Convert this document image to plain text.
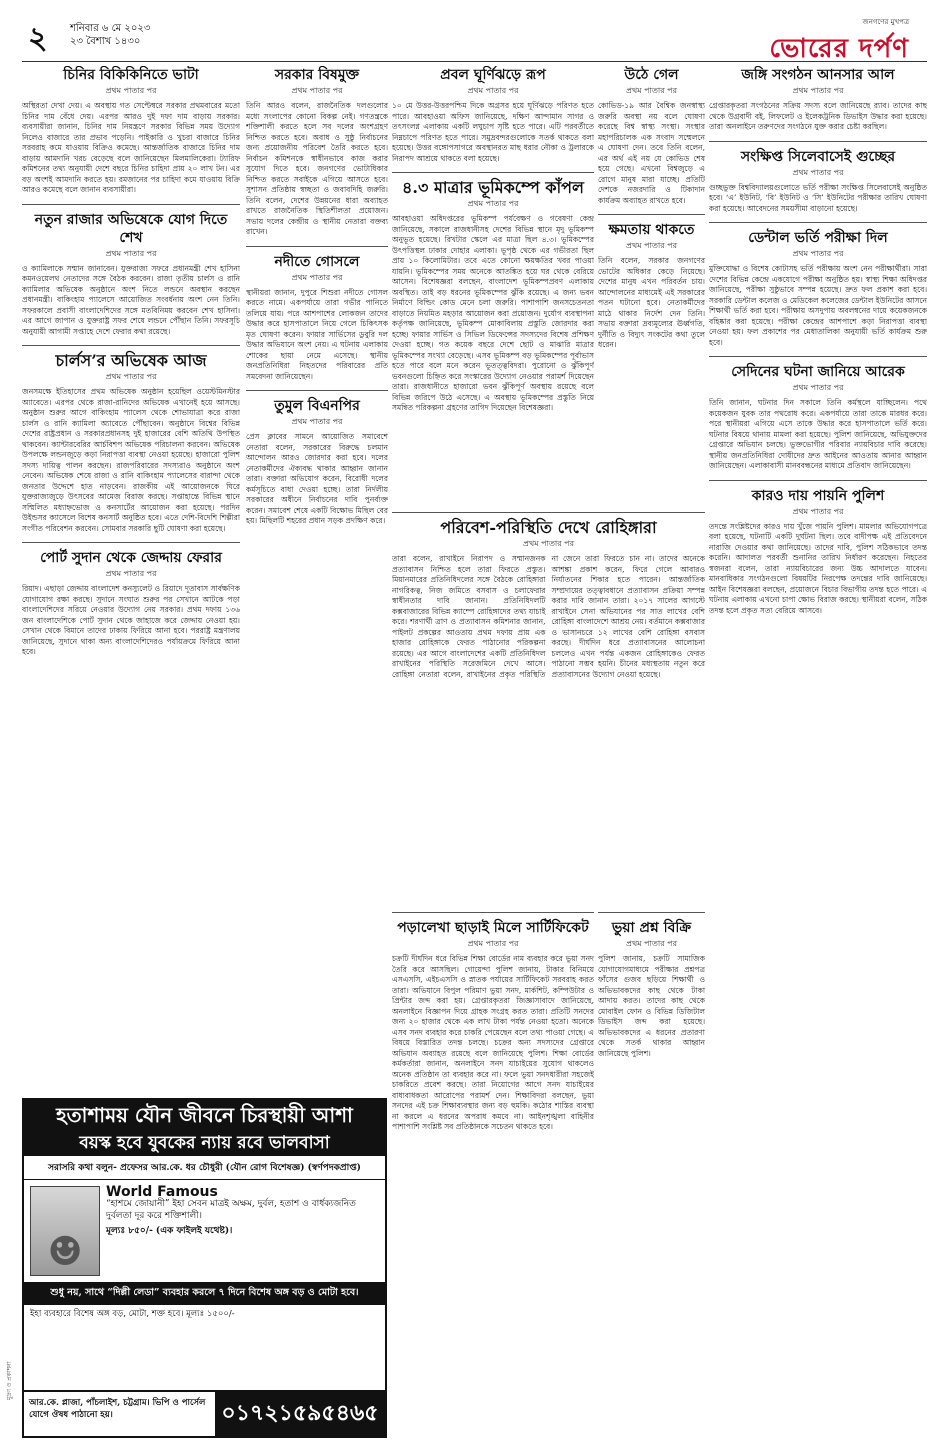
২ শনিবার ৬ মে ২০২৩
২৩ বৈশাখ ১৪৩০
জনগণের মুখপত্র
ভোরের দর্পণ
চিনির বিকিকিনিতে ভাটা
প্রথম পাতার পর
অস্থিরতা দেখা দেয়। এ অবস্থায় গত সেপ্টেম্বরে সরকার প্রথমবারের মতো চিনির দাম বেঁধে দেয়। এরপর আরও দুই দফা দাম বাড়ায় সরকার। ব্যবসায়ীরা জানান, চিনির দাম নিয়ন্ত্রণে সরকার বিভিন্ন সময় উদ্যোগ নিলেও বাজারে তার প্রভাব পড়েনি। পাইকারি ও খুচরা বাজারে চিনির সরবরাহ কমে যাওয়ায় বিক্রিও কমেছে। আন্তর্জাতিক বাজারে চিনির দাম বাড়ায় আমদানি খরচ বেড়েছে বলে জানিয়েছেন মিলমালিকেরা। ট্যারিফ কমিশনের তথ্য অনুযায়ী দেশে বছরে চিনির চাহিদা প্রায় ২০ লাখ টন। এর বড় অংশই আমদানি করতে হয়। রমজানের পর চাহিদা কমে যাওয়ায় বিক্রি আরও কমেছে বলে জানান ব্যবসায়ীরা।
নতুন রাজার অভিষেকে যোগ দিতে শেখ
প্রথম পাতার পর
ও ক্যামিলাকে সম্মান জানাবেন। যুক্তরাজ্য সফরে প্রধানমন্ত্রী শেখ হাসিনা কমনওয়েলথ নেতাদের সঙ্গে বৈঠক করবেন। রাজা তৃতীয় চার্লস ও রানি ক্যামিলার অভিষেক অনুষ্ঠানে অংশ নিতে লন্ডনে অবস্থান করছেন প্রধানমন্ত্রী। বাকিংহাম প্যালেসে আয়োজিত সংবর্ধনায় অংশ নেন তিনি। সফরকালে প্রবাসী বাংলাদেশিদের সঙ্গে মতবিনিময় করবেন শেখ হাসিনা। এর আগে জাপান ও যুক্তরাষ্ট্র সফর শেষে লন্ডনে পৌঁছান তিনি। সফরসূচি অনুযায়ী আগামী সপ্তাহে দেশে ফেরার কথা রয়েছে।
চার্লস’র অভিষেক আজ
প্রথম পাতার পর
জনসমক্ষে ইতিহাসের প্রথম অভিষেক অনুষ্ঠান হয়েছিল ওয়েস্টমিনস্টার অ্যাবেতে। এরপর থেকে রাজা-রানিদের অভিষেক এখানেই হয়ে আসছে। অনুষ্ঠান শুরুর আগে বাকিংহাম প্যালেস থেকে শোভাযাত্রা করে রাজা চার্লস ও রানি ক্যামিলা অ্যাবেতে পৌঁছাবেন। অনুষ্ঠানে বিশ্বের বিভিন্ন দেশের রাষ্ট্রপ্রধান ও সরকারপ্রধানসহ দুই হাজারের বেশি অতিথি উপস্থিত থাকবেন। ক্যান্টারবেরির আর্চবিশপ অভিষেক পরিচালনা করবেন। অভিষেক উপলক্ষে লন্ডনজুড়ে কড়া নিরাপত্তা ব্যবস্থা নেওয়া হয়েছে। হাজারো পুলিশ সদস্য দায়িত্ব পালন করছেন। রাজপরিবারের সদস্যরাও অনুষ্ঠানে অংশ নেবেন। অভিষেক শেষে রাজা ও রানি বাকিংহাম প্যালেসের বারান্দা থেকে জনতার উদ্দেশে হাত নাড়বেন। রাজকীয় এই আয়োজনকে ঘিরে যুক্তরাজ্যজুড়ে উৎসবের আমেজ বিরাজ করছে। সপ্তাহান্তে বিভিন্ন স্থানে সম্মিলিত মধ্যাহ্নভোজ ও কনসার্টের আয়োজন করা হয়েছে। পরদিন উইন্ডসর ক্যাসেলে বিশেষ কনসার্ট অনুষ্ঠিত হবে। এতে দেশি-বিদেশি শিল্পীরা সংগীত পরিবেশন করবেন। সোমবার সরকারি ছুটি ঘোষণা করা হয়েছে।
পোর্ট সুদান থেকে জেদ্দায় ফেরার
প্রথম পাতার পর
রিয়াদ। এছাড়া জেদ্দায় বাংলাদেশ কনস্যুলেট ও রিয়াদে দূতাবাস সার্বক্ষণিক যোগাযোগ রক্ষা করছে। সুদানে সংঘাত শুরুর পর সেখানে আটকে পড়া বাংলাদেশিদের সরিয়ে নেওয়ার উদ্যোগ নেয় সরকার। প্রথম দফায় ১৩৬ জন বাংলাদেশিকে পোর্ট সুদান থেকে জাহাজে করে জেদ্দায় নেওয়া হয়। সেখান থেকে বিমানে তাদের ঢাকায় ফিরিয়ে আনা হবে। পররাষ্ট্র মন্ত্রণালয় জানিয়েছে, সুদানে থাকা অন্য বাংলাদেশিদেরও পর্যায়ক্রমে ফিরিয়ে আনা হবে।
সরকার বিষমুক্ত
প্রথম পাতার পর
তিনি আরও বলেন, রাজনৈতিক দলগুলোর মধ্যে সংলাপের কোনো বিকল্প নেই। গণতন্ত্রকে শক্তিশালী করতে হলে সব দলের অংশগ্রহণ নিশ্চিত করতে হবে। অবাধ ও সুষ্ঠু নির্বাচনের জন্য প্রয়োজনীয় পরিবেশ তৈরি করতে হবে। নির্বাচন কমিশনকে স্বাধীনভাবে কাজ করার সুযোগ দিতে হবে। জনগণের ভোটাধিকার নিশ্চিত করতে সবাইকে এগিয়ে আসতে হবে। সুশাসন প্রতিষ্ঠায় স্বচ্ছতা ও জবাবদিহি জরুরি। তিনি বলেন, দেশের উন্নয়নের ধারা অব্যাহত রাখতে রাজনৈতিক স্থিতিশীলতা প্রয়োজন। সভায় দলের কেন্দ্রীয় ও স্থানীয় নেতারা বক্তব্য রাখেন।
নদীতে গোসলে
প্রথম পাতার পর
স্থানীয়রা জানান, দুপুরে শিশুরা নদীতে গোসল করতে নামে। একপর্যায়ে তারা গভীর পানিতে তলিয়ে যায়। পরে আশপাশের লোকজন তাদের উদ্ধার করে হাসপাতালে নিয়ে গেলে চিকিৎসক মৃত ঘোষণা করেন। ফায়ার সার্ভিসের ডুবুরি দল উদ্ধার অভিযানে অংশ নেয়। এ ঘটনায় এলাকায় শোকের ছায়া নেমে এসেছে। স্থানীয় জনপ্রতিনিধিরা নিহতদের পরিবারের প্রতি সমবেদনা জানিয়েছেন।
তুমুল বিএনপির
প্রথম পাতার পর
প্রেস ক্লাবের সামনে আয়োজিত সমাবেশে নেতারা বলেন, সরকারের বিরুদ্ধে চলমান আন্দোলন আরও জোরদার করা হবে। দলের নেতাকর্মীদের ঐক্যবদ্ধ থাকার আহ্বান জানান তারা। বক্তারা অভিযোগ করেন, বিরোধী দলের কর্মসূচিতে বাধা দেওয়া হচ্ছে। তারা নির্দলীয় সরকারের অধীনে নির্বাচনের দাবি পুনর্ব্যক্ত করেন। সমাবেশ শেষে একটি বিক্ষোভ মিছিল বের হয়। মিছিলটি শহরের প্রধান সড়ক প্রদক্ষিণ করে।
প্রবল ঘূর্ণিঝড়ে রূপ
প্রথম পাতার পর
১০ মে উত্তর-উত্তরপশ্চিম দিকে অগ্রসর হয়ে ঘূর্ণিঝড়ে পরিণত হতে পারে। আবহাওয়া অফিস জানিয়েছে, দক্ষিণ আন্দামান সাগর ও তৎসংলগ্ন এলাকায় একটি লঘুচাপ সৃষ্টি হতে পারে। এটি পরবর্তীতে নিম্নচাপে পরিণত হতে পারে। সমুদ্রবন্দরগুলোকে সতর্ক থাকতে বলা হয়েছে। উত্তর বঙ্গোপসাগরে অবস্থানরত মাছ ধরার নৌকা ও ট্রলারকে নিরাপদ আশ্রয়ে থাকতে বলা হয়েছে।
৪.৩ মাত্রার ভূমিকম্পে কাঁপল
প্রথম পাতার পর
আবহাওয়া অধিদপ্তরের ভূমিকম্প পর্যবেক্ষণ ও গবেষণা কেন্দ্র জানিয়েছে, সকালে রাজধানীসহ দেশের বিভিন্ন স্থানে মৃদু ভূমিকম্প অনুভূত হয়েছে। রিখটার স্কেলে এর মাত্রা ছিল ৪.৩। ভূমিকম্পের উৎপত্তিস্থল ঢাকার দোহার এলাকা। ভূপৃষ্ঠ থেকে এর গভীরতা ছিল প্রায় ১০ কিলোমিটার। তবে এতে কোনো ক্ষয়ক্ষতির খবর পাওয়া যায়নি। ভূমিকম্পের সময় অনেকে আতঙ্কিত হয়ে ঘর থেকে বেরিয়ে আসেন। বিশেষজ্ঞরা বলছেন, বাংলাদেশ ভূমিকম্পপ্রবণ এলাকায় অবস্থিত। তাই বড় ধরনের ভূমিকম্পের ঝুঁকি রয়েছে। এ জন্য ভবন নির্মাণে বিল্ডিং কোড মেনে চলা জরুরি। পাশাপাশি জনসচেতনতা বাড়াতে নিয়মিত মহড়ার আয়োজন করা প্রয়োজন। দুর্যোগ ব্যবস্থাপনা কর্তৃপক্ষ জানিয়েছে, ভূমিকম্প মোকাবিলায় প্রস্তুতি জোরদার করা হচ্ছে। ফায়ার সার্ভিস ও সিভিল ডিফেন্সের সদস্যদের বিশেষ প্রশিক্ষণ দেওয়া হচ্ছে। গত কয়েক বছরে দেশে ছোট ও মাঝারি মাত্রার ভূমিকম্পের সংখ্যা বেড়েছে। এসব ভূমিকম্প বড় ভূমিকম্পের পূর্বাভাস হতে পারে বলে মনে করেন ভূতত্ত্ববিদরা। পুরোনো ও ঝুঁকিপূর্ণ ভবনগুলো চিহ্নিত করে সংস্কারের উদ্যোগ নেওয়ার পরামর্শ দিয়েছেন তারা। রাজধানীতে হাজারো ভবন ঝুঁকিপূর্ণ অবস্থায় রয়েছে বলে বিভিন্ন জরিপে উঠে এসেছে। এ অবস্থায় ভূমিকম্পের প্রস্তুতি নিয়ে সমন্বিত পরিকল্পনা গ্রহণের তাগিদ দিয়েছেন বিশেষজ্ঞরা।
পরিবেশ-পরিস্থিতি দেখে রোহিঙ্গারা
প্রথম পাতার পর
তারা বলেন, রাখাইনে নিরাপদ ও সম্মানজনক প্রত্যাবাসন নিশ্চিত হলে তারা ফিরতে প্রস্তুত। মিয়ানমারের প্রতিনিধিদলের সঙ্গে বৈঠকে রোহিঙ্গারা নাগরিকত্ব, নিজ জমিতে বসবাস ও চলাফেরার স্বাধীনতার দাবি জানান। প্রতিনিধিদলটি কক্সবাজারের বিভিন্ন ক্যাম্পে রোহিঙ্গাদের তথ্য যাচাই করে। শরণার্থী ত্রাণ ও প্রত্যাবাসন কমিশনার জানান, পাইলট প্রকল্পের আওতায় প্রথম দফায় প্রায় এক হাজার রোহিঙ্গাকে ফেরত পাঠানোর পরিকল্পনা রয়েছে। এর আগে বাংলাদেশের একটি প্রতিনিধিদল রাখাইনের পরিস্থিতি সরেজমিনে দেখে আসে। রোহিঙ্গা নেতারা বলেন, রাখাইনের প্রকৃত পরিস্থিতি না জেনে তারা ফিরতে চান না। তাদের অনেকে আশঙ্কা প্রকাশ করেন, ফিরে গেলে আবারও নির্যাতনের শিকার হতে পারেন। আন্তর্জাতিক সম্প্রদায়ের তত্ত্বাবধানে প্রত্যাবাসন প্রক্রিয়া সম্পন্ন করার দাবি জানান তারা। ২০১৭ সালের আগস্টে রাখাইনে সেনা অভিযানের পর সাত লাখের বেশি রোহিঙ্গা বাংলাদেশে আশ্রয় নেয়। বর্তমানে কক্সবাজার ও ভাসানচরে ১২ লাখের বেশি রোহিঙ্গা বসবাস করছে। দীর্ঘদিন ধরে প্রত্যাবাসনের আলোচনা চললেও এখন পর্যন্ত একজন রোহিঙ্গাকেও ফেরত পাঠানো সম্ভব হয়নি। চীনের মধ্যস্থতায় নতুন করে প্রত্যাবাসনের উদ্যোগ নেওয়া হয়েছে।
পড়ালেখা ছাড়াই মিলে সার্টিফিকেট
প্রথম পাতার পর
চক্রটি দীর্ঘদিন ধরে বিভিন্ন শিক্ষা বোর্ডের নাম ব্যবহার করে ভুয়া সনদ তৈরি করে আসছিল। গোয়েন্দা পুলিশ জানায়, টাকার বিনিময়ে এসএসসি, এইচএসসি ও স্নাতক পর্যায়ের সার্টিফিকেট সরবরাহ করত তারা। অভিযানে বিপুল পরিমাণ ভুয়া সনদ, মার্কশিট, কম্পিউটার ও প্রিন্টার জব্দ করা হয়। গ্রেপ্তারকৃতরা জিজ্ঞাসাবাদে জানিয়েছে, অনলাইনে বিজ্ঞাপন দিয়ে গ্রাহক সংগ্রহ করত তারা। প্রতিটি সনদের জন্য ২০ হাজার থেকে এক লাখ টাকা পর্যন্ত নেওয়া হতো। অনেকে এসব সনদ ব্যবহার করে চাকরি পেয়েছেন বলে তথ্য পাওয়া গেছে। এ বিষয়ে বিস্তারিত তদন্ত চলছে। চক্রের অন্য সদস্যদের গ্রেপ্তারে অভিযান অব্যাহত রয়েছে বলে জানিয়েছে পুলিশ। শিক্ষা বোর্ডের কর্মকর্তারা জানান, অনলাইনে সনদ যাচাইয়ের সুযোগ থাকলেও অনেক প্রতিষ্ঠান তা ব্যবহার করে না। ফলে ভুয়া সনদধারীরা সহজেই চাকরিতে প্রবেশ করছে। তারা নিয়োগের আগে সনদ যাচাইয়ের বাধ্যবাধকতা আরোপের পরামর্শ দেন। শিক্ষাবিদরা বলছেন, ভুয়া সনদের এই চক্র শিক্ষাব্যবস্থার জন্য বড় হুমকি। কঠোর শাস্তির ব্যবস্থা না করলে এ ধরনের অপরাধ কমবে না। আইনশৃঙ্খলা বাহিনীর পাশাপাশি সংশ্লিষ্ট সব প্রতিষ্ঠানকে সচেতন থাকতে হবে।
উঠে গেল
প্রথম পাতার পর
কোভিড-১৯ আর বৈশ্বিক জনস্বাস্থ্য জরুরি অবস্থা নয় বলে ঘোষণা করেছে বিশ্ব স্বাস্থ্য সংস্থা। সংস্থার মহাপরিচালক এক সংবাদ সম্মেলনে এ ঘোষণা দেন। তবে তিনি বলেন, এর অর্থ এই নয় যে কোভিড শেষ হয়ে গেছে। এখনো বিশ্বজুড়ে এ রোগে মানুষ মারা যাচ্ছে। প্রতিটি দেশকে নজরদারি ও টিকাদান কার্যক্রম অব্যাহত রাখতে হবে।
ক্ষমতায় থাকতে
প্রথম পাতার পর
তিনি বলেন, সরকার জনগণের ভোটের অধিকার কেড়ে নিয়েছে। দেশের মানুষ এখন পরিবর্তন চায়। আন্দোলনের মাধ্যমেই এই সরকারের পতন ঘটানো হবে। নেতাকর্মীদের মাঠে থাকার নির্দেশ দেন তিনি। সভায় বক্তারা দ্রব্যমূল্যের ঊর্ধ্বগতি, দুর্নীতি ও বিদ্যুৎ সংকটের কথা তুলে ধরেন।
ভুয়া প্রশ্ন বিক্রি
প্রথম পাতার পর
পুলিশ জানায়, চক্রটি সামাজিক যোগাযোগমাধ্যমে পরীক্ষার প্রশ্নপত্র ফাঁসের গুজব ছড়িয়ে শিক্ষার্থী ও অভিভাবকদের কাছ থেকে টাকা আদায় করত। তাদের কাছ থেকে মোবাইল ফোন ও বিভিন্ন ডিজিটাল ডিভাইস জব্দ করা হয়েছে। অভিভাবকদের এ ধরনের প্রতারণা থেকে সতর্ক থাকার আহ্বান জানিয়েছে পুলিশ।
জঙ্গি সংগঠন আনসার আল
প্রথম পাতার পর
গ্রেপ্তারকৃতরা সংগঠনের সক্রিয় সদস্য বলে জানিয়েছে র‍্যাব। তাদের কাছ থেকে উগ্রবাদী বই, লিফলেট ও ইলেকট্রনিক ডিভাইস উদ্ধার করা হয়েছে। তারা অনলাইনে তরুণদের সংগঠনে যুক্ত করার চেষ্টা করছিল।
সংক্ষিপ্ত সিলেবাসেই গুচ্ছের
প্রথম পাতার পর
গুচ্ছভুক্ত বিশ্ববিদ্যালয়গুলোতে ভর্তি পরীক্ষা সংক্ষিপ্ত সিলেবাসেই অনুষ্ঠিত হবে। ‘এ’ ইউনিট, ‘বি’ ইউনিট ও ‘সি’ ইউনিটের পরীক্ষার তারিখ ঘোষণা করা হয়েছে। আবেদনের সময়সীমা বাড়ানো হয়েছে।
ডেন্টাল ভর্তি পরীক্ষা দিল
প্রথম পাতার পর
মুক্তিযোদ্ধা ও বিশেষ কোটাসহ ভর্তি পরীক্ষায় অংশ নেন পরীক্ষার্থীরা। সারা দেশের বিভিন্ন কেন্দ্রে একযোগে পরীক্ষা অনুষ্ঠিত হয়। স্বাস্থ্য শিক্ষা অধিদপ্তর জানিয়েছে, পরীক্ষা সুষ্ঠুভাবে সম্পন্ন হয়েছে। দ্রুত ফল প্রকাশ করা হবে। সরকারি ডেন্টাল কলেজ ও মেডিকেল কলেজের ডেন্টাল ইউনিটের আসনে শিক্ষার্থী ভর্তি করা হবে। পরীক্ষায় অসদুপায় অবলম্বনের দায়ে কয়েকজনকে বহিষ্কার করা হয়েছে। পরীক্ষা কেন্দ্রের আশপাশে কড়া নিরাপত্তা ব্যবস্থা নেওয়া হয়। ফল প্রকাশের পর মেধাতালিকা অনুযায়ী ভর্তি কার্যক্রম শুরু হবে।
সেদিনের ঘটনা জানিয়ে আরেক
প্রথম পাতার পর
তিনি জানান, ঘটনার দিন সকালে তিনি কর্মস্থলে যাচ্ছিলেন। পথে কয়েকজন যুবক তার পথরোধ করে। একপর্যায়ে তারা তাকে মারধর করে। পরে স্থানীয়রা এগিয়ে এসে তাকে উদ্ধার করে হাসপাতালে ভর্তি করে। ঘটনার বিষয়ে থানায় মামলা করা হয়েছে। পুলিশ জানিয়েছে, অভিযুক্তদের গ্রেপ্তারে অভিযান চলছে। ভুক্তভোগীর পরিবার ন্যায়বিচার দাবি করেছে। স্থানীয় জনপ্রতিনিধিরা দোষীদের দ্রুত আইনের আওতায় আনার আহ্বান জানিয়েছেন। এলাকাবাসী মানববন্ধনের মাধ্যমে প্রতিবাদ জানিয়েছেন।
কারও দায় পায়নি পুলিশ
প্রথম পাতার পর
তদন্তে সংশ্লিষ্টদের কারও দায় খুঁজে পায়নি পুলিশ। মামলার অভিযোগপত্রে বলা হয়েছে, ঘটনাটি একটি দুর্ঘটনা ছিল। তবে বাদীপক্ষ এই প্রতিবেদনে নারাজি দেওয়ার কথা জানিয়েছে। তাদের দাবি, পুলিশ সঠিকভাবে তদন্ত করেনি। আদালত পরবর্তী শুনানির তারিখ নির্ধারণ করেছেন। নিহতের স্বজনরা বলেন, তারা ন্যায়বিচারের জন্য উচ্চ আদালতে যাবেন। মানবাধিকার সংগঠনগুলো বিষয়টির নিরপেক্ষ তদন্তের দাবি জানিয়েছে। আইন বিশেষজ্ঞরা বলছেন, প্রয়োজনে বিচার বিভাগীয় তদন্ত হতে পারে। এ ঘটনায় এলাকায় এখনো চাপা ক্ষোভ বিরাজ করছে। স্থানীয়রা বলেন, সঠিক তদন্ত হলে প্রকৃত সত্য বেরিয়ে আসবে।
হতাশাময় যৌন জীবনে চিরস্থায়ী আশা
বয়স্ক হবে যুবকের ন্যায় রবে ভালবাসা
সরাসরি কথা বলুন- প্রফেসর আর.কে. ধর চৌধুরী (যৌন রোগ বিশেষজ্ঞ) (স্বর্ণপদকপ্রাপ্ত)
☻
World Famous
“হাশমে জোয়ানী” ইহা সেবন মাত্রই অক্ষম, দুর্বল, হতাশ ও বার্ধক্যজনিত দুর্বলতা দূর করে শক্তিশালী।
মূল্যঃ ৮৫০/- (এক ফাইলই যথেষ্ট)।
শুধু নয়, সাথে “দিল্লী লেডা” ব্যবহার করলে ৭ দিনে বিশেষ অঙ্গ বড় ও মোটা হবে।
ইহা ব্যবহারে বিশেষ অঙ্গ বড়, মোটা, শক্ত হবে। মূল্যঃ ১৫০০/-
আর.কে. প্লাজা, পাঁচলাইশ, চট্টগ্রাম। ভিপি ও পার্সেল যোগে ঔষধ পাঠানো হয়।	০১৭২১৫৯৫৪৬৫
মুদ্রণ ও প্রকাশনা
